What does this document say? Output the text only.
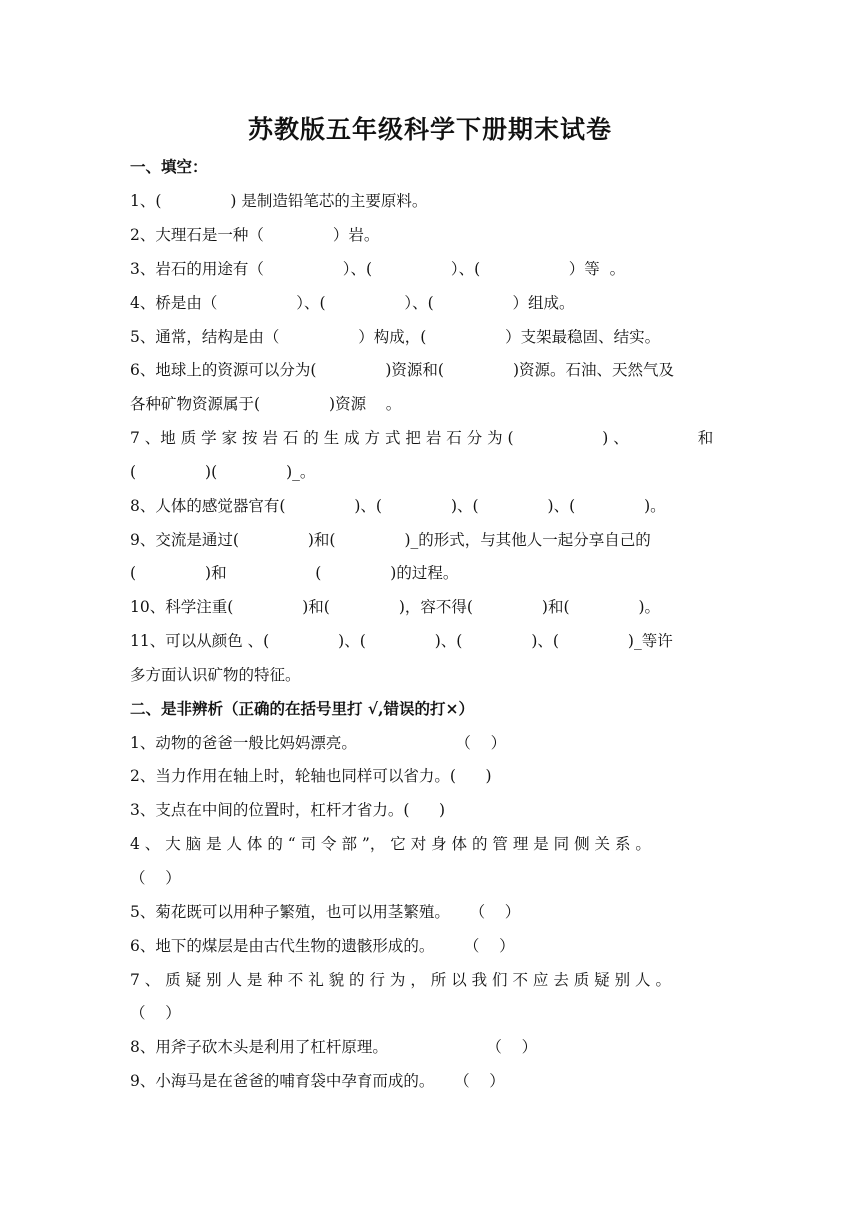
苏教版五年级科学下册期末试卷
一、填空：
1、(              ) 是制造铅笔芯的主要原料。
2、大理石是一种（              ）岩。
3、岩石的用途有（                ）、(                ）、(                  ）等  。
4、桥是由（                ）、(                ）、(                ）组成。
5、通常，结构是由（                ）构成，(                ）支架最稳固、结实。
6、地球上的资源可以分为(              )资源和(              )资源。石油、天然气及
各种矿物资源属于(              )资源    。
7 、地 质 学 家 按 岩 石 的 生 成 方 式 把 岩 石 分 为 (                  ) 、              和
(              )(              )_。
8、人体的感觉器官有(              )、(              )、(              )、(              )。
9、交流是通过(              )和(              )_的形式，与其他人一起分享自己的
(              )和                  (              )的过程。
10、科学注重(              )和(              )，容不得(              )和(              )。
11、可以从颜色 、(              )、(              )、(              )、(              )_等许
多方面认识矿物的特征。
二、是非辨析（正确的在括号里打 √,错误的打×）
1、动物的爸爸一般比妈妈漂亮。                    （    ）
2、当力作用在轴上时，轮轴也同样可以省力。(      )
3、支点在中间的位置时，杠杆才省力。(      )
4 、 大 脑 是 人 体 的 “ 司 令 部 ”， 它 对 身 体 的 管 理 是 同 侧 关 系 。
（    ）
5、菊花既可以用种子繁殖，也可以用茎繁殖。    （    ）
6、地下的煤层是由古代生物的遗骸形成的。      （    ）
7 、 质 疑 别 人 是 种 不 礼 貌 的 行 为 ， 所 以 我 们 不 应 去 质 疑 别 人 。
（    ）
8、用斧子砍木头是利用了杠杆原理。                    （    ）
9、小海马是在爸爸的哺育袋中孕育而成的。    （    ）
